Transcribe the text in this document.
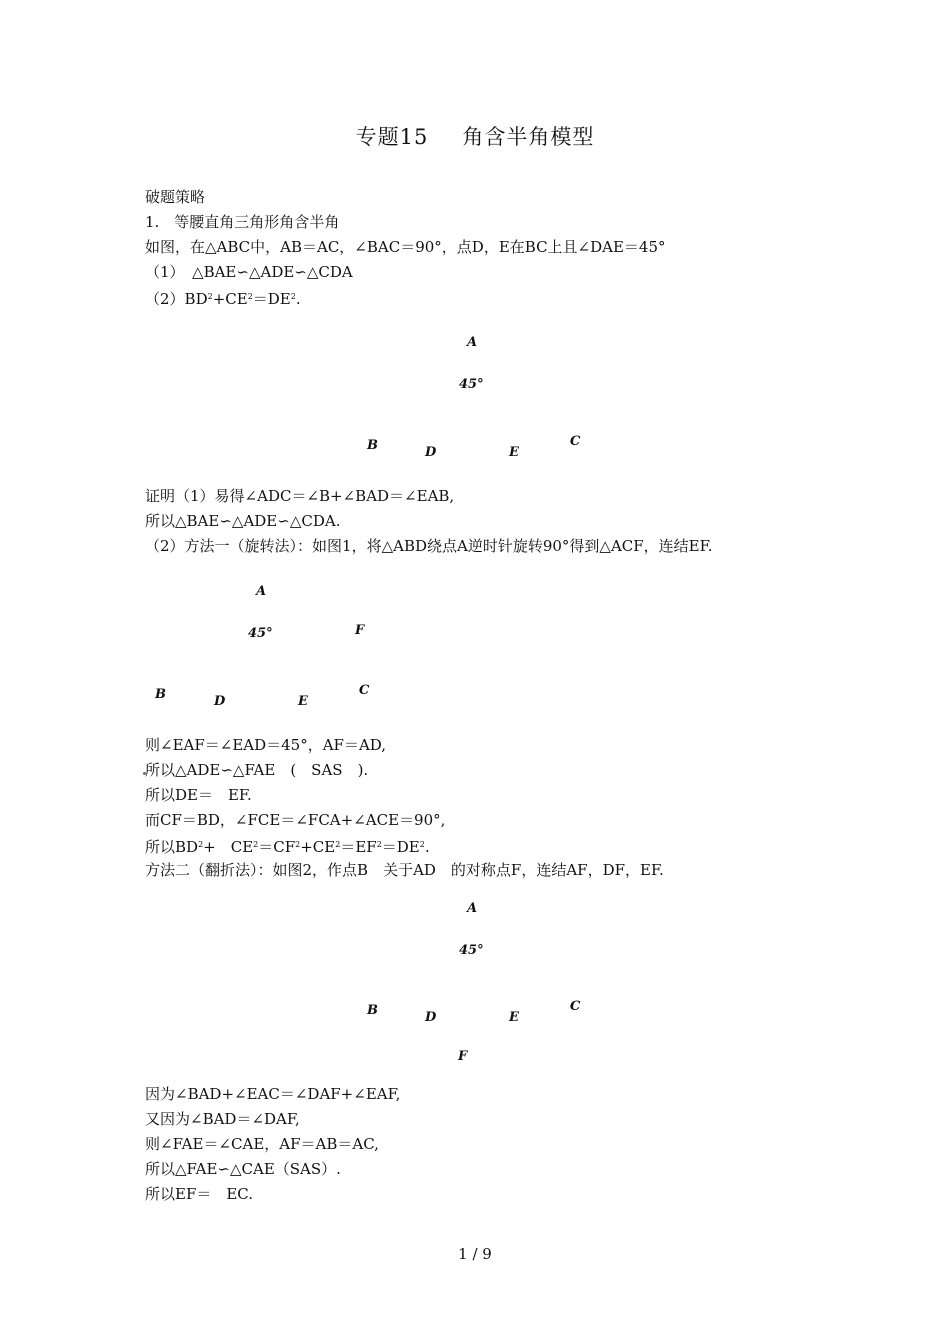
专题15 角含半角模型
破题策略
1.　等腰直角三角形角含半角
如图，在△ABC中，AB＝AC，∠BAC＝90°，点D，E在BC上且∠DAE＝45°
（1）　△BAE∽△ADE∽△CDA
$(2)BD^2+CE^2=DE^2$.
A
45°
B	D	E
C
证明（1）易得∠ADC＝∠B+∠BAD＝∠EAB,
所以△BAE∽△ADE∽△CDA.
（2）方法一（旋转法）：如图1，将△ABD绕点A逆时针旋转90°得到△ACF，连结EF.
A
45°	F
B	D	E
C
则∠EAF＝∠EAD＝45°，AF＝AD,
所以△ADE∽△FAE　(　SAS　).
所以DE＝　EF.
而CF＝BD，∠FCE＝∠FCA+∠ACE＝90°,
所以$BD^2+$　$CE^2=CF^2+CE^2=EF^2=DE^2$.
方法二（翻折法）：如图2，作点B　关于AD　的对称点F，连结AF，DF，EF.
A
45°
B	D	E
C
F
因为∠BAD+∠EAC＝∠DAF+∠EAF,
又因为∠BAD＝∠DAF,
则∠FAE＝∠CAE，AF＝AB＝AC,
所以△FAE∽△CAE（SAS）.
所以EF＝　EC.
1 / 9
